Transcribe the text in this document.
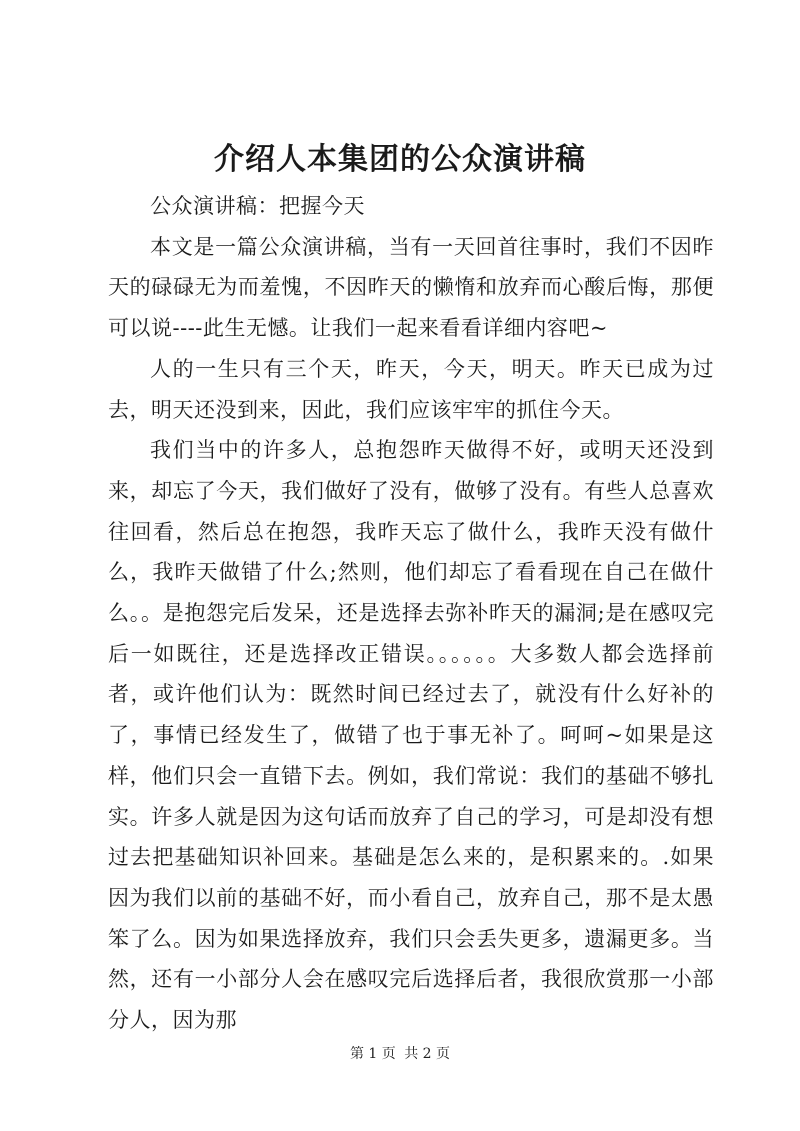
介绍人本集团的公众演讲稿

公众演讲稿：把握今天

本文是一篇公众演讲稿，当有一天回首往事时，我们不因昨天的碌碌无为而羞愧，不因昨天的懒惰和放弃而心酸后悔，那便可以说----此生无憾。让我们一起来看看详细内容吧~

人的一生只有三个天，昨天，今天，明天。昨天已成为过去，明天还没到来，因此，我们应该牢牢的抓住今天。

我们当中的许多人，总抱怨昨天做得不好，或明天还没到来，却忘了今天，我们做好了没有，做够了没有。有些人总喜欢往回看，然后总在抱怨，我昨天忘了做什么，我昨天没有做什么，我昨天做错了什么;然则，他们却忘了看看现在自己在做什么。。是抱怨完后发呆，还是选择去弥补昨天的漏洞;是在感叹完后一如既往，还是选择改正错误。。。。。。大多数人都会选择前者，或许他们认为：既然时间已经过去了，就没有什么好补的了，事情已经发生了，做错了也于事无补了。呵呵~如果是这样，他们只会一直错下去。例如，我们常说：我们的基础不够扎实。许多人就是因为这句话而放弃了自己的学习，可是却没有想过去把基础知识补回来。基础是怎么来的，是积累来的。.如果因为我们以前的基础不好，而小看自己，放弃自己，那不是太愚笨了么。因为如果选择放弃，我们只会丢失更多，遗漏更多。当然，还有一小部分人会在感叹完后选择后者，我很欣赏那一小部分人，因为那

第 1 页 共 2 页
